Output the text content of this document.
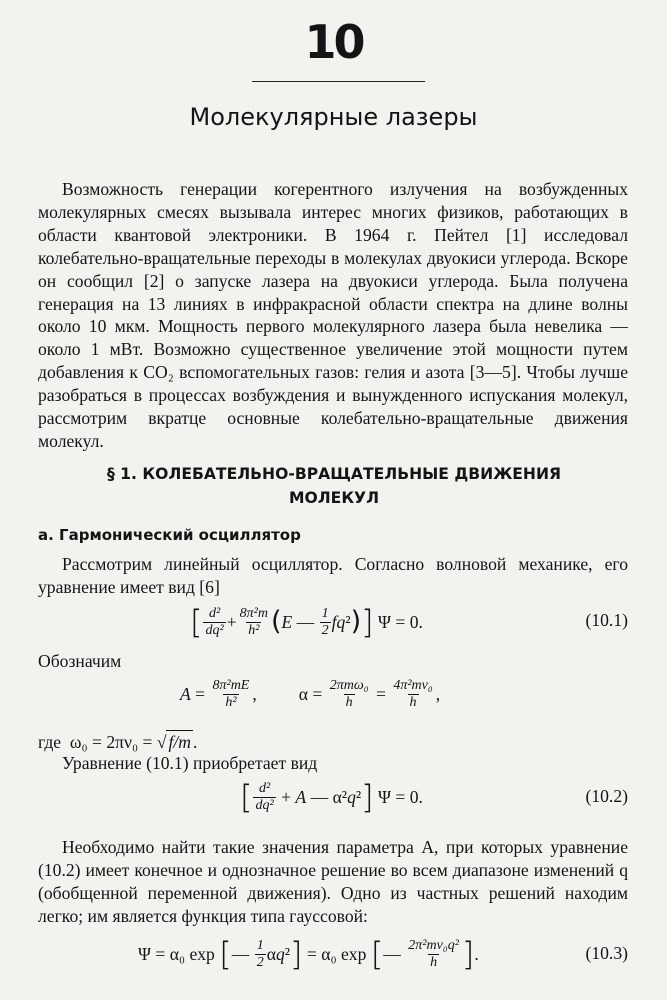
10
Молекулярные лазеры

Возможность генерации когерентного излучения на возбужденных молекулярных смесях вызывала интерес многих физиков, работающих в области квантовой электроники. В 1964 г. Пейтел [1] исследовал колебательно-вращательные переходы в молекулах двуокиси углерода. Вскоре он сообщил [2] о запуске лазера на двуокиси углерода. Была получена генерация на 13 линиях в инфракрасной области спектра на длине волны около 10 мкм. Мощность первого молекулярного лазера была невелика — около 1 мВт. Возможно существенное увеличение этой мощности путем добавления к CO₂ вспомогательных газов: гелия и азота [3—5]. Чтобы лучше разобраться в процессах возбуждения и вынужденного испускания молекул, рассмотрим вкратце основные колебательно-вращательные движения молекул.

§ 1. КОЛЕБАТЕЛЬНО-ВРАЩАТЕЛЬНЫЕ ДВИЖЕНИЯ МОЛЕКУЛ
а. Гармонический осциллятор

Рассмотрим линейный осциллятор. Согласно волновой механике, его уравнение имеет вид [6]

[ $\frac{\text{d²}}{\text{dq²}} + \frac{\text{8π²m}}{\text{h²}}$ ( E — $\frac{1}{2}$ fq ² ) ] Ψ = 0.	(10.1)
Обозначим
$A = \frac{\text{8π²mE}}{\text{h²}}$ ,
$\alpha = \frac{\text{2πmω₀}}{h} = \frac{\text{4π²mν₀}}{h}$ ,
где  ω₀ = 2πν₀ = √ f/m .
Уравнение (10.1) приобретает вид
[ $\frac{\text{d²}}{\text{dq²}} + A$ — α² q ² ] Ψ = 0.	(10.2)

Необходимо найти такие значения параметра A, при которых уравнение (10.2) имеет конечное и однозначное решение во всем диапазоне изменений q (обобщенной переменной движения). Одно из частных решений находим легко; им является функция типа гауссовой:

Ψ = α₀ exp [ — $\frac{1}{2}$ α q ² ] = α₀ exp [ — $\frac{\text{2π²mν₀q²}}{h}$ ] .	(10.3)
